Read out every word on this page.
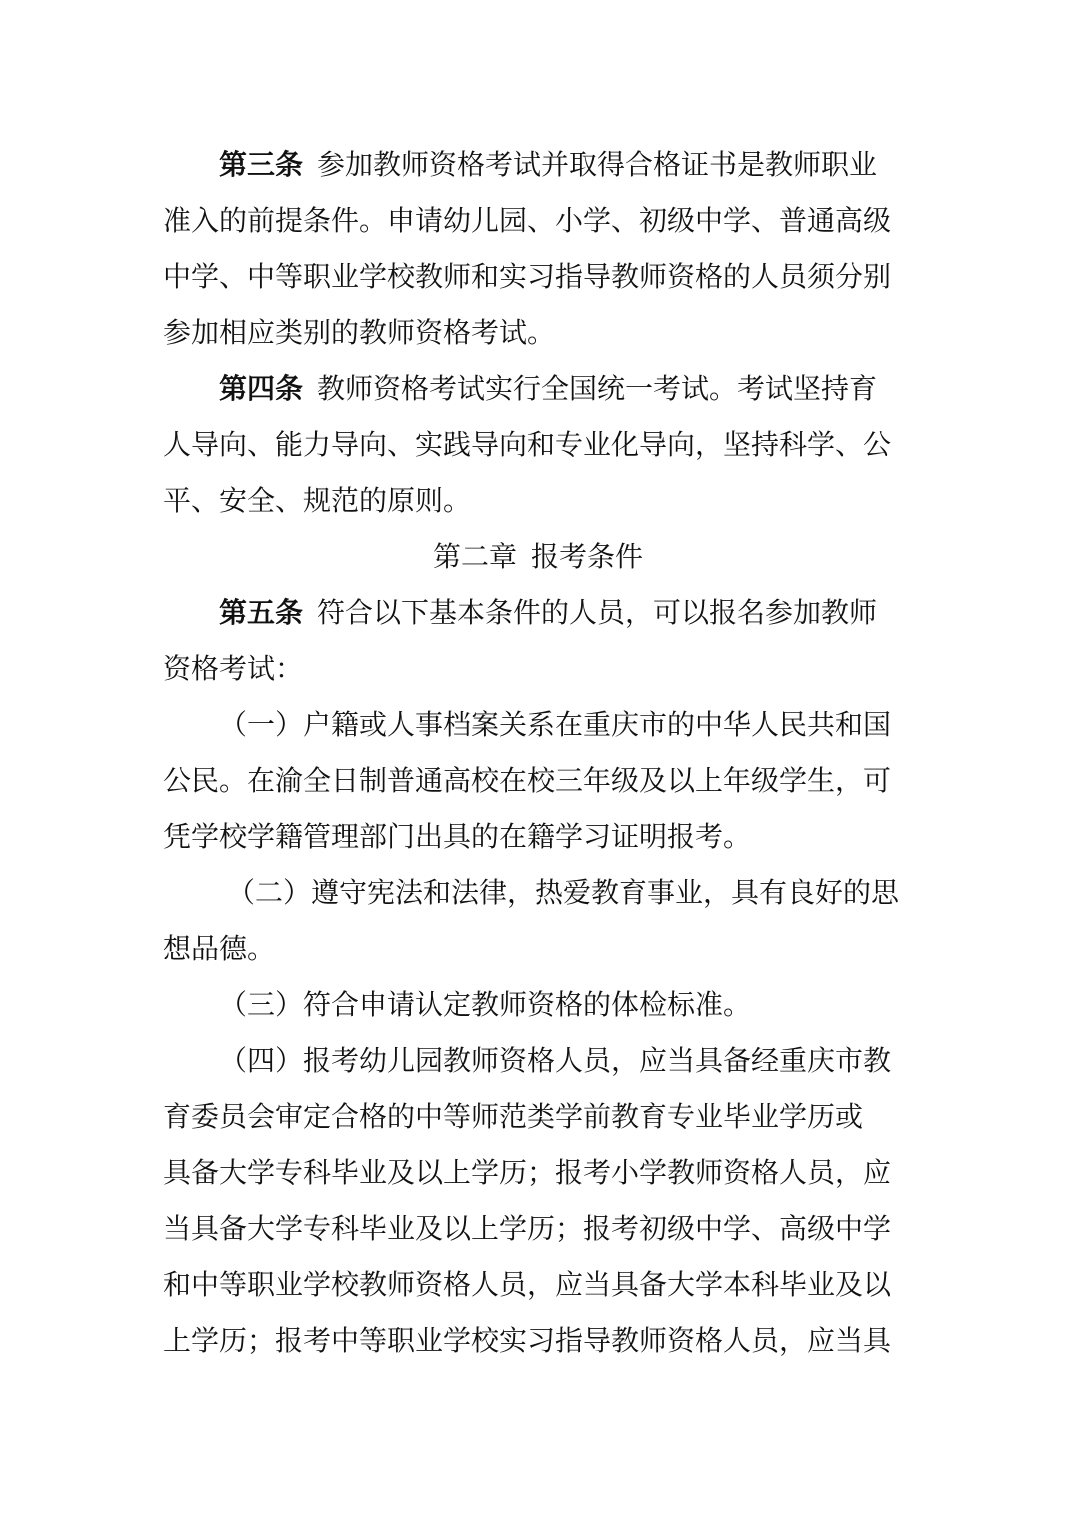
第三条 参加教师资格考试并取得合格证书是教师职业
准入的前提条件。申请幼儿园、小学、初级中学、普通高级
中学、中等职业学校教师和实习指导教师资格的人员须分别
参加相应类别的教师资格考试。
第四条 教师资格考试实行全国统一考试。考试坚持育
人导向、能力导向、实践导向和专业化导向，坚持科学、公
平、安全、规范的原则。
第二章 报考条件
第五条 符合以下基本条件的人员，可以报名参加教师
资格考试：
（一）户籍或人事档案关系在重庆市的中华人民共和国
公民。在渝全日制普通高校在校三年级及以上年级学生，可
凭学校学籍管理部门出具的在籍学习证明报考。
（二）遵守宪法和法律，热爱教育事业，具有良好的思
想品德。
（三）符合申请认定教师资格的体检标准。
（四）报考幼儿园教师资格人员，应当具备经重庆市教
育委员会审定合格的中等师范类学前教育专业毕业学历或
具备大学专科毕业及以上学历；报考小学教师资格人员，应
当具备大学专科毕业及以上学历；报考初级中学、高级中学
和中等职业学校教师资格人员，应当具备大学本科毕业及以
上学历；报考中等职业学校实习指导教师资格人员，应当具
